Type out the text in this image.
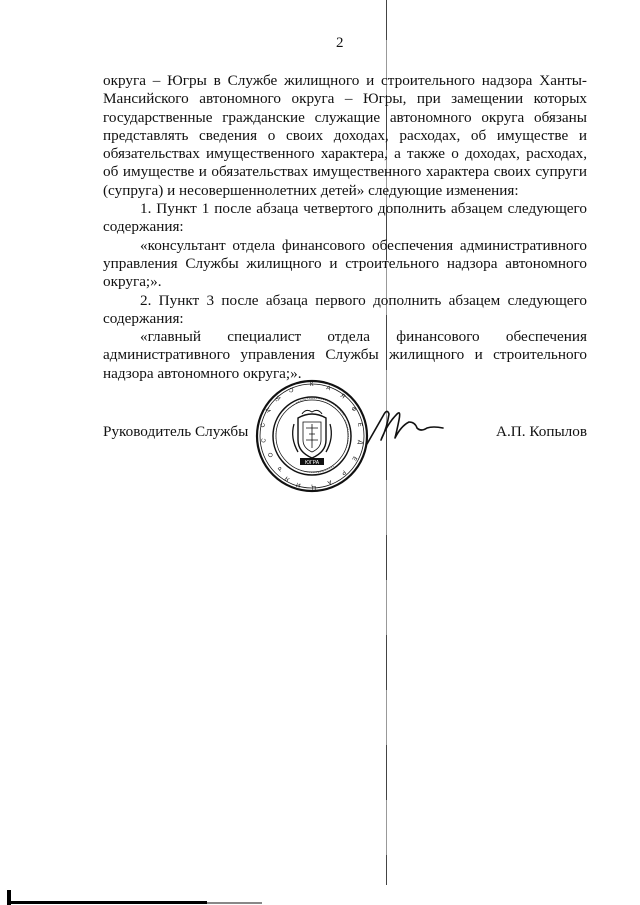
2

округа – Югры в Службе жилищного и строительного надзора Ханты-Мансийского автономного округа – Югры, при замещении которых государственные гражданские служащие автономного округа обязаны представлять сведения о своих доходах, расходах, об имуществе и обязательствах имущественного характера, а также о доходах, расходах, об имуществе и обязательствах имущественного характера своих супруги (супруга) и несовершеннолетних детей» следующие изменения:

1. Пункт 1 после абзаца четвертого дополнить абзацем следующего содержания:

«консультант отдела финансового обеспечения административного управления Службы жилищного и строительного надзора автономного округа;».

2. Пункт 3 после абзаца первого дополнить абзацем следующего содержания:

«главный специалист отдела финансового обеспечения административного управления Службы жилищного и строительного надзора автономного округа;».

Руководитель Службы	А.П. Копылов
Р
О
С
С
И
Й
С
К
А
Я
Ф
Е
Д
Е
Р
А
Ц
И
Я
ЮГРА
